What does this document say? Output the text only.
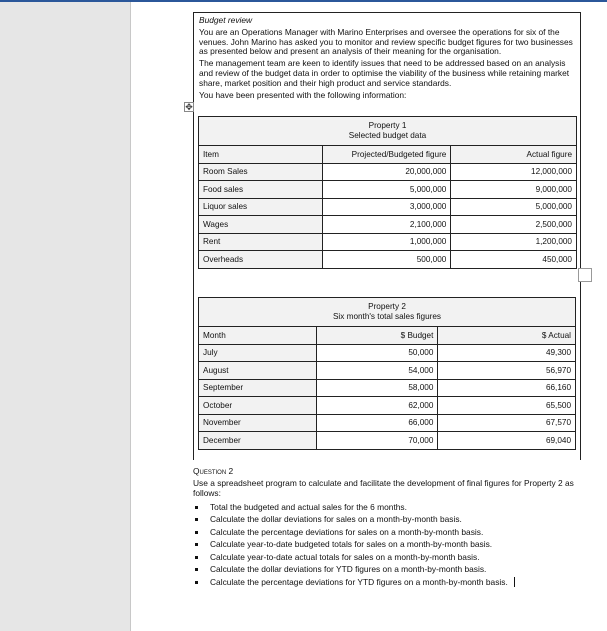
Budget review

You are an Operations Manager with Marino Enterprises and oversee the operations for six of the venues. John Marino has asked you to monitor and review specific budget figures for two businesses as presented below and present an analysis of their meaning for the organisation.

The management team are keen to identify issues that need to be addressed based on an analysis and review of the budget data in order to optimise the viability of the business while retaining market share, market position and their high product and service standards.

You have been presented with the following information:

✥
Property 1
Selected budget data		
Item	Projected/Budgeted figure	Actual figure
Room Sales	20,000,000	12,000,000
Food sales	5,000,000	9,000,000
Liquor sales	3,000,000	5,000,000
Wages	2,100,000	2,500,000
Rent	1,000,000	1,200,000
Overheads	500,000	450,000
Property 2
Six month's total sales figures		
Month	$ Budget	$ Actual
July	50,000	49,300
August	54,000	56,970
September	58,000	66,160
October	62,000	65,500
November	66,000	67,570
December	70,000	69,040
Question 2

Use a spreadsheet program to calculate and facilitate the development of final figures for Property 2 as follows:

Total the budgeted and actual sales for the 6 months.
Calculate the dollar deviations for sales on a month-by-month basis.
Calculate the percentage deviations for sales on a month-by-month basis.
Calculate year-to-date budgeted totals for sales on a month-by-month basis.
Calculate year-to-date actual totals for sales on a month-by-month basis.
Calculate the dollar deviations for YTD figures on a month-by-month basis.
Calculate the percentage deviations for YTD figures on a month-by-month basis.
